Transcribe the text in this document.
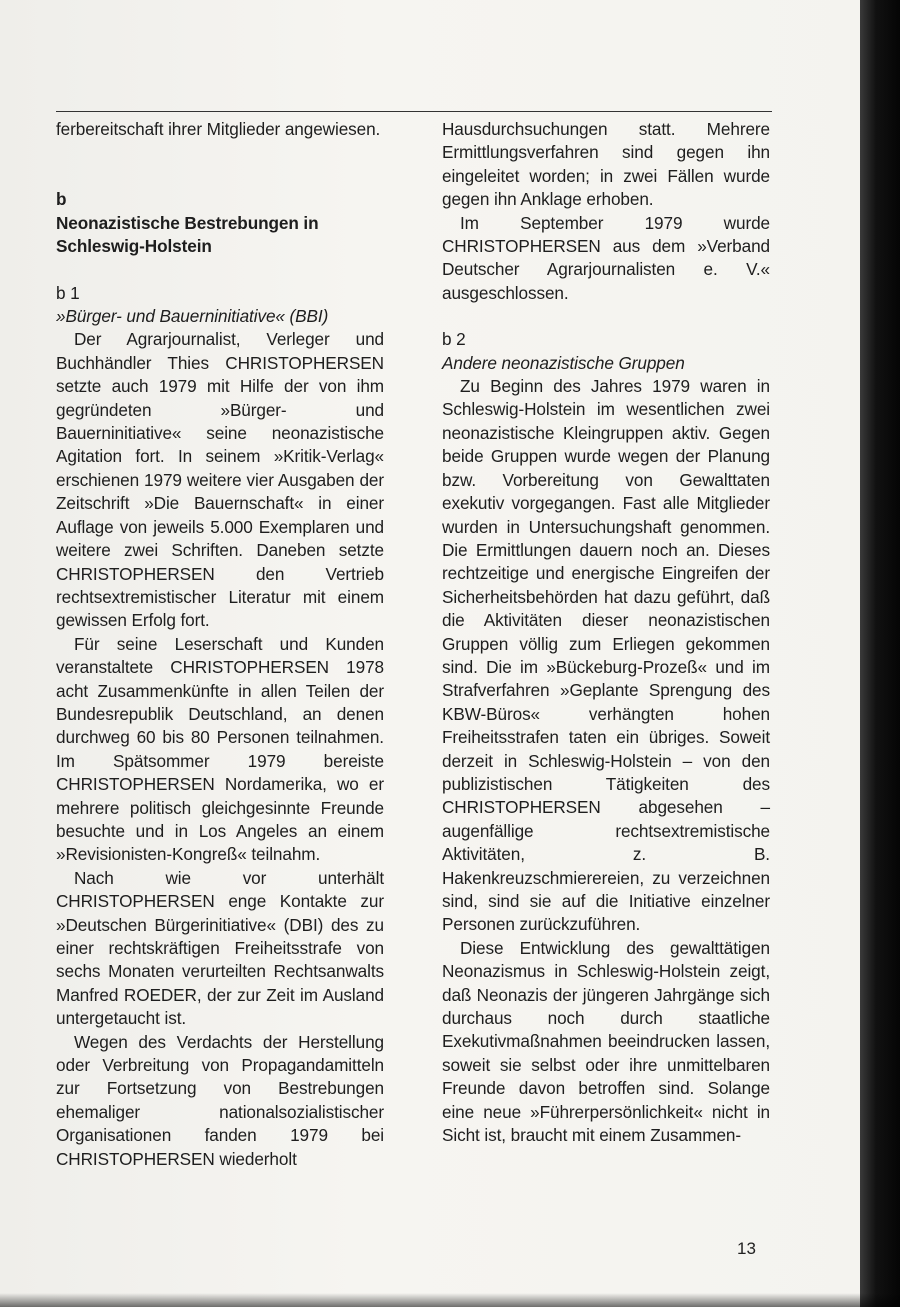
ferbereitschaft ihrer Mitglieder angewiesen.

b
Neonazistische Bestrebungen in Schleswig-Holstein
b 1
»Bürger- und Bauerninitiative« (BBI)

Der Agrarjournalist, Verleger und Buchhändler Thies CHRISTOPHERSEN setzte auch 1979 mit Hilfe der von ihm gegründeten »Bürger- und Bauerninitiative« seine neonazistische Agitation fort. In seinem »Kritik-Verlag« erschienen 1979 weitere vier Ausgaben der Zeitschrift »Die Bauernschaft« in einer Auflage von jeweils 5.000 Exemplaren und weitere zwei Schriften. Daneben setzte CHRISTOPHERSEN den Vertrieb rechtsextremistischer Literatur mit einem gewissen Erfolg fort.

Für seine Leserschaft und Kunden veranstaltete CHRISTOPHERSEN 1978 acht Zusammenkünfte in allen Teilen der Bundesrepublik Deutschland, an denen durchweg 60 bis 80 Personen teilnahmen. Im Spätsommer 1979 bereiste CHRISTOPHERSEN Nordamerika, wo er mehrere politisch gleichgesinnte Freunde besuchte und in Los Angeles an einem »Revisionisten-Kongreß« teilnahm.

Nach wie vor unterhält CHRISTOPHERSEN enge Kontakte zur »Deutschen Bürgerinitiative« (DBI) des zu einer rechtskräftigen Freiheitsstrafe von sechs Monaten verurteilten Rechtsanwalts Manfred ROEDER, der zur Zeit im Ausland untergetaucht ist.

Wegen des Verdachts der Herstellung oder Verbreitung von Propagandamitteln zur Fortsetzung von Bestrebungen ehemaliger nationalsozialistischer Organisationen fanden 1979 bei CHRISTOPHERSEN wiederholt

Hausdurchsuchungen statt. Mehrere Ermittlungsverfahren sind gegen ihn eingeleitet worden; in zwei Fällen wurde gegen ihn Anklage erhoben.

Im September 1979 wurde CHRISTOPHERSEN aus dem »Verband Deutscher Agrarjournalisten e. V.« ausgeschlossen.

b 2
Andere neonazistische Gruppen

Zu Beginn des Jahres 1979 waren in Schleswig-Holstein im wesentlichen zwei neonazistische Kleingruppen aktiv. Gegen beide Gruppen wurde wegen der Planung bzw. Vorbereitung von Gewalttaten exekutiv vorgegangen. Fast alle Mitglieder wurden in Untersuchungshaft genommen. Die Ermittlungen dauern noch an. Dieses rechtzeitige und energische Eingreifen der Sicherheitsbehörden hat dazu geführt, daß die Aktivitäten dieser neonazistischen Gruppen völlig zum Erliegen gekommen sind. Die im »Bückeburg-Prozeß« und im Strafverfahren »Geplante Sprengung des KBW-Büros« verhängten hohen Freiheitsstrafen taten ein übriges. Soweit derzeit in Schleswig-Holstein – von den publizistischen Tätigkeiten des CHRISTOPHERSEN abgesehen – augenfällige rechtsextremistische Aktivitäten, z. B. Hakenkreuzschmierereien, zu verzeichnen sind, sind sie auf die Initiative einzelner Personen zurückzuführen.

Diese Entwicklung des gewalttätigen Neonazismus in Schleswig-Holstein zeigt, daß Neonazis der jüngeren Jahrgänge sich durchaus noch durch staatliche Exekutivmaßnahmen beeindrucken lassen, soweit sie selbst oder ihre unmittelbaren Freunde davon betroffen sind. Solange eine neue »Führerpersönlichkeit« nicht in Sicht ist, braucht mit einem Zusammen-

13
